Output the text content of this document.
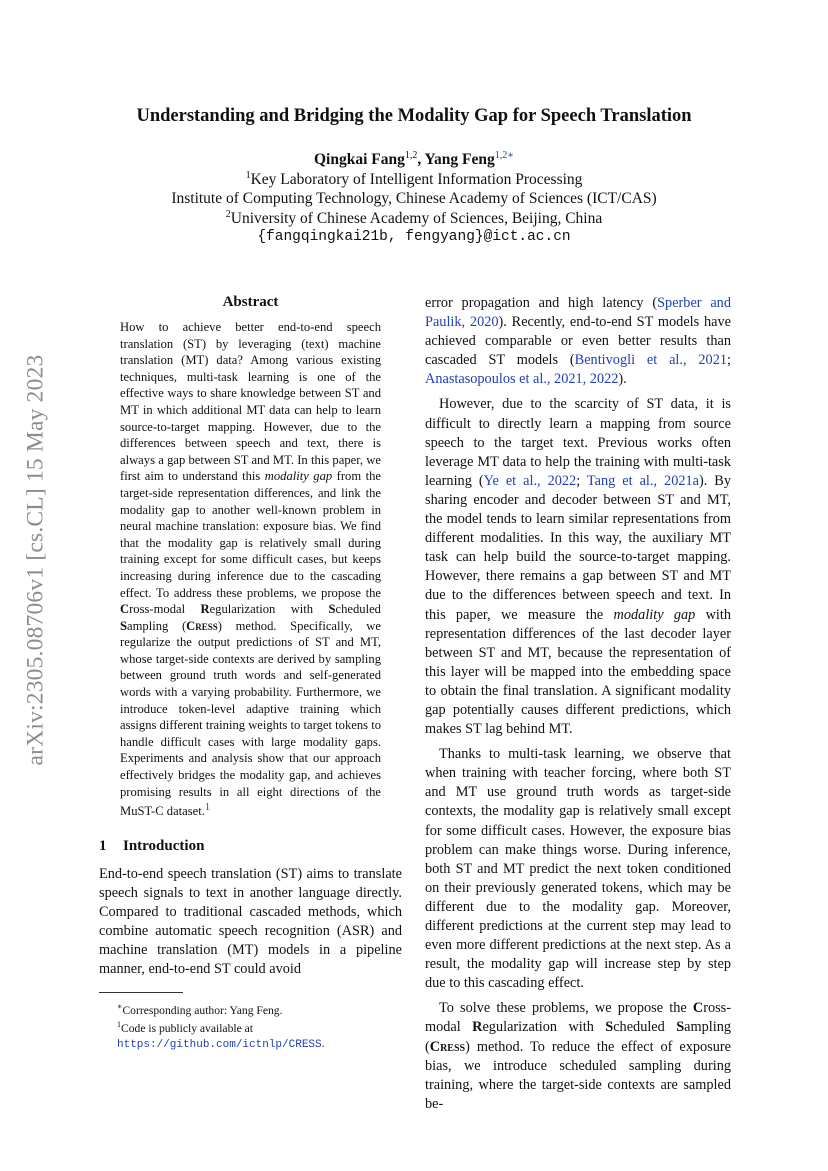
arXiv:2305.08706v1 [cs.CL] 15 May 2023
Understanding and Bridging the Modality Gap for Speech Translation
Qingkai Fang$^{1,2}$, Yang Feng$^{1,2∗}$
$^1$Key Laboratory of Intelligent Information Processing
Institute of Computing Technology, Chinese Academy of Sciences (ICT/CAS)
$^2$University of Chinese Academy of Sciences, Beijing, China
{fangqingkai21b, fengyang}@ict.ac.cn
Abstract

How to achieve better end-to-end speech translation (ST) by leveraging (text) machine translation (MT) data? Among various existing techniques, multi-task learning is one of the effective ways to share knowledge between ST and MT in which additional MT data can help to learn source-to-target mapping. However, due to the differences between speech and text, there is always a gap between ST and MT. In this paper, we first aim to understand this modality gap from the target-side representation differences, and link the modality gap to another well-known problem in neural machine translation: exposure bias. We find that the modality gap is relatively small during training except for some difficult cases, but keeps increasing during inference due to the cascading effect. To address these problems, we propose the Cross-modal Regularization with Scheduled Sampling (Cress) method. Specifically, we regularize the output predictions of ST and MT, whose target-side contexts are derived by sampling between ground truth words and self-generated words with a varying probability. Furthermore, we introduce token-level adaptive training which assigns different training weights to target tokens to handle difficult cases with large modality gaps. Experiments and analysis show that our approach effectively bridges the modality gap, and achieves promising results in all eight directions of the MuST-C dataset.$^1$

1 Introduction

End-to-end speech translation (ST) aims to translate speech signals to text in another language directly. Compared to traditional cascaded methods, which combine automatic speech recognition (ASR) and machine translation (MT) models in a pipeline manner, end-to-end ST could avoid

∗Corresponding author: Yang Feng.

$^1$Code is publicly available at https://github.com/ictnlp/CRESS.

error propagation and high latency (Sperber and Paulik, 2020). Recently, end-to-end ST models have achieved comparable or even better results than cascaded ST models (Bentivogli et al., 2021; Anastasopoulos et al., 2021, 2022).

However, due to the scarcity of ST data, it is difficult to directly learn a mapping from source speech to the target text. Previous works often leverage MT data to help the training with multi-task learning (Ye et al., 2022; Tang et al., 2021a). By sharing encoder and decoder between ST and MT, the model tends to learn similar representations from different modalities. In this way, the auxiliary MT task can help build the source-to-target mapping. However, there remains a gap between ST and MT due to the differences between speech and text. In this paper, we measure the modality gap with representation differences of the last decoder layer between ST and MT, because the representation of this layer will be mapped into the embedding space to obtain the final translation. A significant modality gap potentially causes different predictions, which makes ST lag behind MT.

Thanks to multi-task learning, we observe that when training with teacher forcing, where both ST and MT use ground truth words as target-side contexts, the modality gap is relatively small except for some difficult cases. However, the exposure bias problem can make things worse. During inference, both ST and MT predict the next token conditioned on their previously generated tokens, which may be different due to the modality gap. Moreover, different predictions at the current step may lead to even more different predictions at the next step. As a result, the modality gap will increase step by step due to this cascading effect.

To solve these problems, we propose the Cross-modal Regularization with Scheduled Sampling (Cress) method. To reduce the effect of exposure bias, we introduce scheduled sampling during training, where the target-side contexts are sampled be-
